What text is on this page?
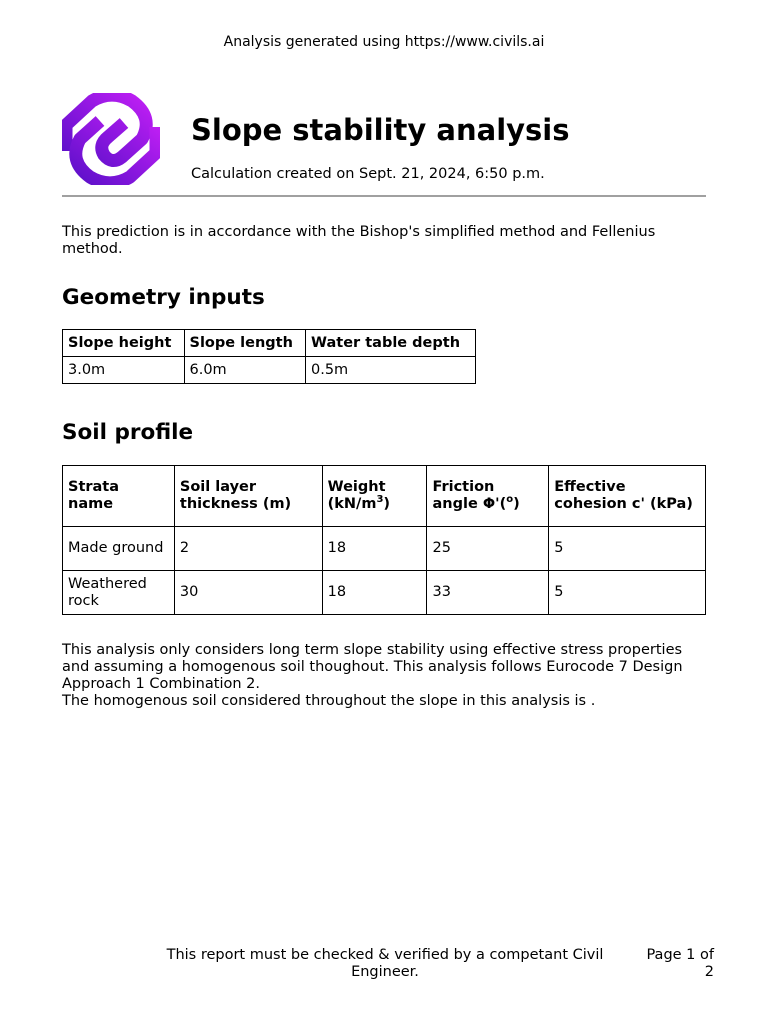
Analysis generated using https://www.civils.ai
Slope stability analysis
Calculation created on Sept. 21, 2024, 6:50 p.m.
This prediction is in accordance with the Bishop's simplified method and Fellenius method.
Geometry inputs
Slope height	Slope length	Water table depth
3.0m	6.0m	0.5m
Soil profile
Strata name	Soil layer thickness (m)	Weight $(kN/m^3)$	Friction angle Φ'($^o$)	Effective cohesion c' (kPa)
Made ground	2	18	25	5
Weathered rock	30	18	33	5

This analysis only considers long term slope stability using effective stress properties and assuming a homogenous soil thoughout. This analysis follows Eurocode 7 Design Approach 1 Combination 2.

The homogenous soil considered throughout the slope in this analysis is .

This report must be checked & verified by a competant Civil Engineer.
Page 1 of 2
